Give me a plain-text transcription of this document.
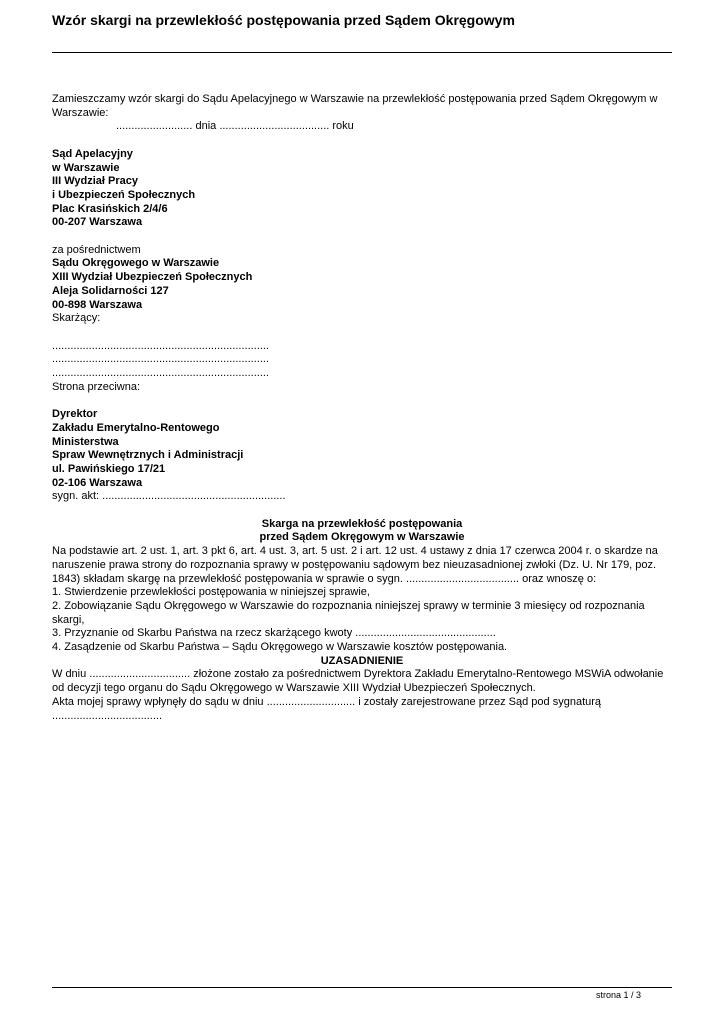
Wzór skargi na przewlekłość postępowania przed Sądem Okręgowym

Zamieszczamy wzór skargi do Sądu Apelacyjnego w Warszawie na przewlekłość postępowania przed Sądem Okręgowym w Warszawie:

......................... dnia .................................... roku

Sąd Apelacyjny

w Warszawie

III Wydział Pracy

i Ubezpieczeń Społecznych

Plac Krasińskich 2/4/6

00-207 Warszawa

za pośrednictwem

Sądu Okręgowego w Warszawie

XIII Wydział Ubezpieczeń Społecznych

Aleja Solidarności 127

00-898 Warszawa

Skarżący:

.......................................................................

.......................................................................

.......................................................................

Strona przeciwna:

Dyrektor

Zakładu Emerytalno-Rentowego

Ministerstwa

Spraw Wewnętrznych i Administracji

ul. Pawińskiego 17/21

02-106 Warszawa

sygn. akt: ............................................................

Skarga na przewlekłość postępowania

przed Sądem Okręgowym w Warszawie

Na podstawie art. 2 ust. 1, art. 3 pkt 6, art. 4 ust. 3, art. 5 ust. 2 i art. 12 ust. 4 ustawy z dnia 17 czerwca 2004 r. o skardze na naruszenie prawa strony do rozpoznania sprawy w postępowaniu sądowym bez nieuzasadnionej zwłoki (Dz. U. Nr 179, poz. 1843) składam skargę na przewlekłość postępowania w sprawie o sygn. ..................................... oraz wnoszę o:

1. Stwierdzenie przewlekłości postępowania w niniejszej sprawie,

2. Zobowiązanie Sądu Okręgowego w Warszawie do rozpoznania niniejszej sprawy w terminie 3 miesięcy od rozpoznania skargi,

3. Przyznanie od Skarbu Państwa na rzecz skarżącego kwoty ..............................................

4. Zasądzenie od Skarbu Państwa – Sądu Okręgowego w Warszawie kosztów postępowania.

UZASADNIENIE

W dniu ................................. złożone zostało za pośrednictwem Dyrektora Zakładu Emerytalno-Rentowego MSWiA odwołanie od decyzji tego organu do Sądu Okręgowego w Warszawie XIII Wydział Ubezpieczeń Społecznych.

Akta mojej sprawy wpłynęły do sądu w dniu ............................. i zostały zarejestrowane przez Sąd pod sygnaturą ....................................

strona 1 / 3
